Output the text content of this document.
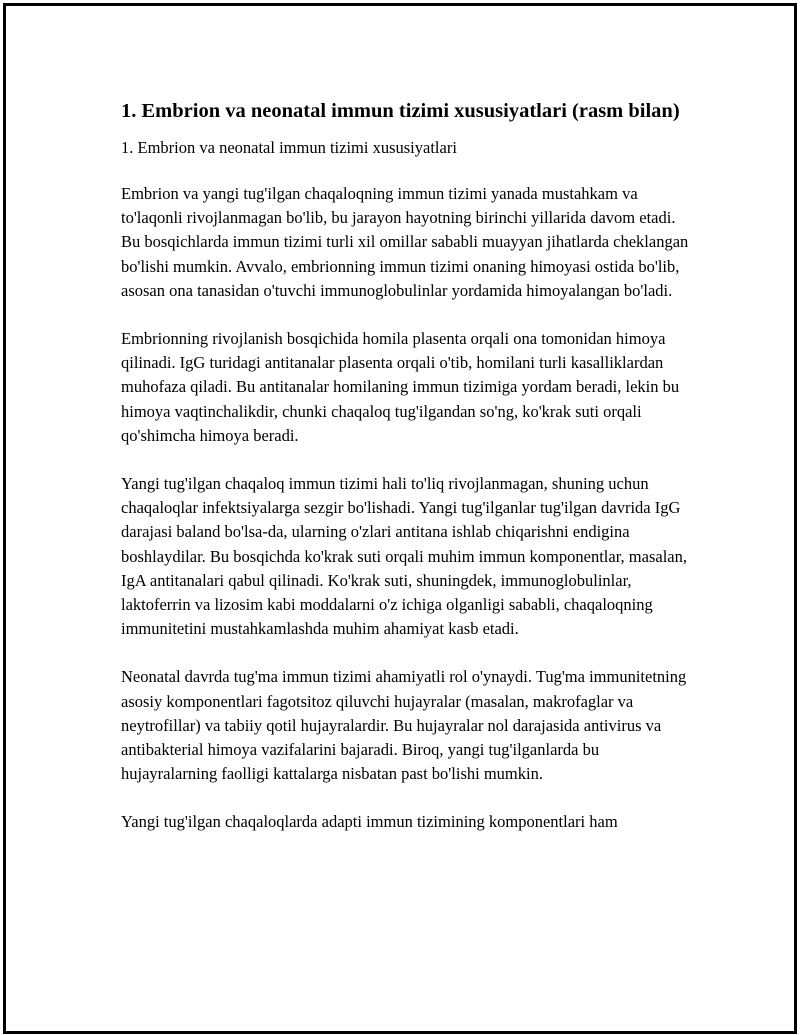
1. Embrion va neonatal immun tizimi xususiyatlari (rasm bilan)

1. Embrion va neonatal immun tizimi xususiyatlari

Embrion va yangi tug'ilgan chaqaloqning immun tizimi yanada mustahkam va to'laqonli rivojlanmagan bo'lib, bu jarayon hayotning birinchi yillarida davom etadi. Bu bosqichlarda immun tizimi turli xil omillar sababli muayyan jihatlarda cheklangan bo'lishi mumkin. Avvalo, embrionning immun tizimi onaning himoyasi ostida bo'lib, asosan ona tanasidan o'tuvchi immunoglobulinlar yordamida himoyalangan bo'ladi.

Embrionning rivojlanish bosqichida homila plasenta orqali ona tomonidan himoya qilinadi. IgG turidagi antitanalar plasenta orqali o'tib, homilani turli kasalliklardan muhofaza qiladi. Bu antitanalar homilaning immun tizimiga yordam beradi, lekin bu himoya vaqtinchalikdir, chunki chaqaloq tug'ilgandan so'ng, ko'krak suti orqali qo'shimcha himoya beradi.

Yangi tug'ilgan chaqaloq immun tizimi hali to'liq rivojlanmagan, shuning uchun chaqaloqlar infektsiyalarga sezgir bo'lishadi. Yangi tug'ilganlar tug'ilgan davrida IgG darajasi baland bo'lsa-da, ularning o'zlari antitana ishlab chiqarishni endigina boshlaydilar. Bu bosqichda ko'krak suti orqali muhim immun komponentlar, masalan, IgA antitanalari qabul qilinadi. Ko'krak suti, shuningdek, immunoglobulinlar, laktoferrin va lizosim kabi moddalarni o'z ichiga olganligi sababli, chaqaloqning immunitetini mustahkamlashda muhim ahamiyat kasb etadi.

Neonatal davrda tug'ma immun tizimi ahamiyatli rol o'ynaydi. Tug'ma immunitetning asosiy komponentlari fagotsitoz qiluvchi hujayralar (masalan, makrofaglar va neytrofillar) va tabiiy qotil hujayralardir. Bu hujayralar nol darajasida antivirus va antibakterial himoya vazifalarini bajaradi. Biroq, yangi tug'ilganlarda bu hujayralarning faolligi kattalarga nisbatan past bo'lishi mumkin.

Yangi tug'ilgan chaqaloqlarda adapti immun tizimining komponentlari ham
